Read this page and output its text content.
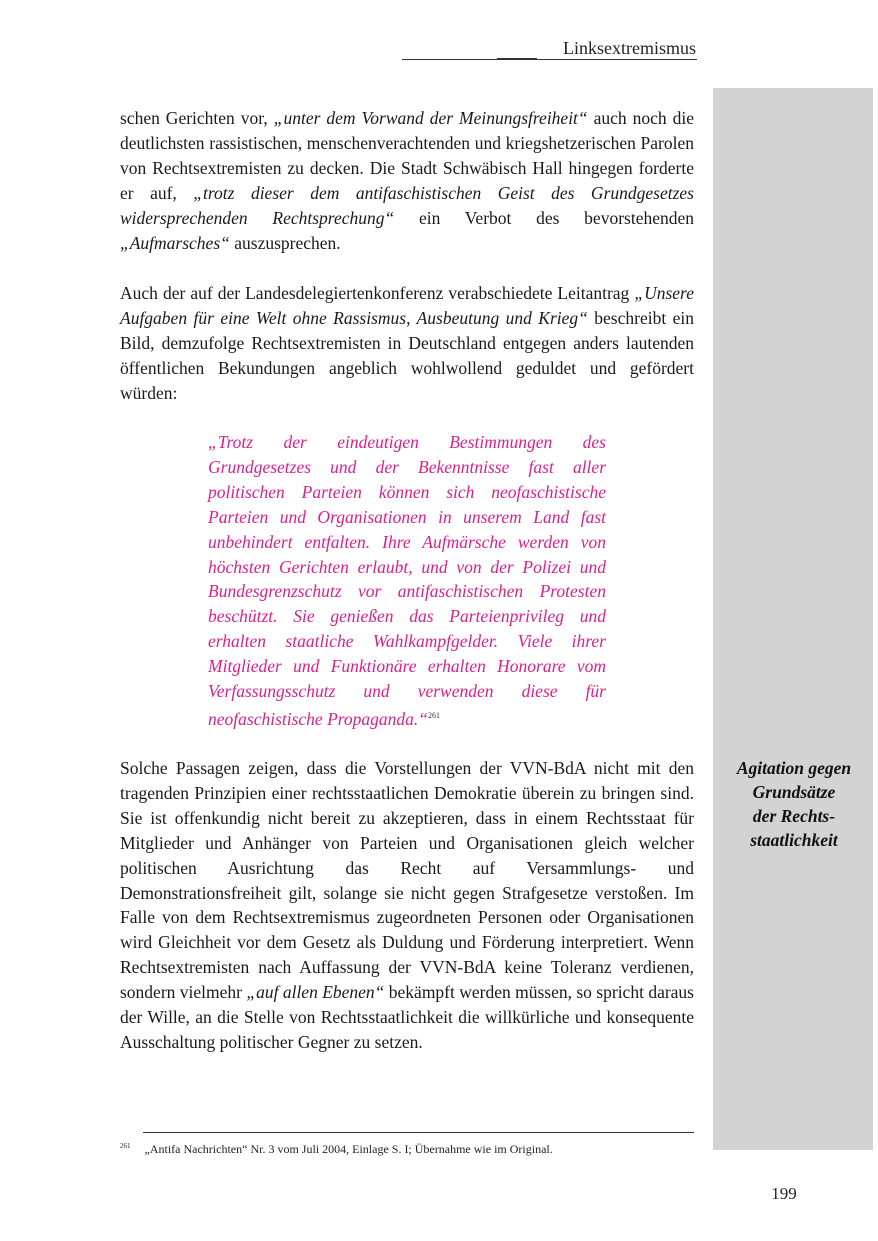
Linksextremismus
Agitation gegen
Grundsätze
der Rechts-
staatlichkeit

schen Gerichten vor, „unter dem Vorwand der Meinungsfreiheit“ auch noch die deutlichsten rassistischen, menschenverachtenden und kriegshetzerischen Parolen von Rechtsextremisten zu decken. Die Stadt Schwäbisch Hall hingegen forderte er auf, „trotz dieser dem antifaschistischen Geist des Grundgesetzes widersprechenden Rechtsprechung“ ein Verbot des bevorstehenden „Aufmarsches“ auszusprechen.

Auch der auf der Landesdelegiertenkonferenz verabschiedete Leitantrag „Unsere Aufgaben für eine Welt ohne Rassismus, Ausbeutung und Krieg“ beschreibt ein Bild, demzufolge Rechtsextremisten in Deutschland entgegen anders lautenden öffentlichen Bekundungen angeblich wohlwollend geduldet und gefördert würden:

„Trotz der eindeutigen Bestimmungen des Grundgesetzes und der Bekenntnisse fast aller politischen Parteien können sich neofaschistische Parteien und Organisationen in unserem Land fast unbehindert entfalten. Ihre Aufmärsche werden von höchsten Gerichten erlaubt, und von der Polizei und Bundesgrenzschutz vor antifaschistischen Protesten beschützt. Sie genießen das Parteienprivileg und erhalten staatliche Wahlkampfgelder. Viele ihrer Mitglieder und Funktionäre erhalten Honorare vom Verfassungsschutz und verwenden diese für neofaschistische Propaganda.“$^{261}$

Solche Passagen zeigen, dass die Vorstellungen der VVN-BdA nicht mit den tragenden Prinzipien einer rechtsstaatlichen Demokratie überein zu bringen sind. Sie ist offenkundig nicht bereit zu akzeptieren, dass in einem Rechtsstaat für Mitglieder und Anhänger von Parteien und Organisationen gleich welcher politischen Ausrichtung das Recht auf Versammlungs- und Demonstrationsfreiheit gilt, solange sie nicht gegen Strafgesetze verstoßen. Im Falle von dem Rechtsextremismus zugeordneten Personen oder Organisationen wird Gleichheit vor dem Gesetz als Duldung und Förderung interpretiert. Wenn Rechtsextremisten nach Auffassung der VVN-BdA keine Toleranz verdienen, sondern vielmehr „auf allen Ebenen“ bekämpft werden müssen, so spricht daraus der Wille, an die Stelle von Rechtsstaatlichkeit die willkürliche und konsequente Ausschaltung politischer Gegner zu setzen.

$^{261}$ „Antifa Nachrichten“ Nr. 3 vom Juli 2004, Einlage S. I; Übernahme wie im Original.
199
